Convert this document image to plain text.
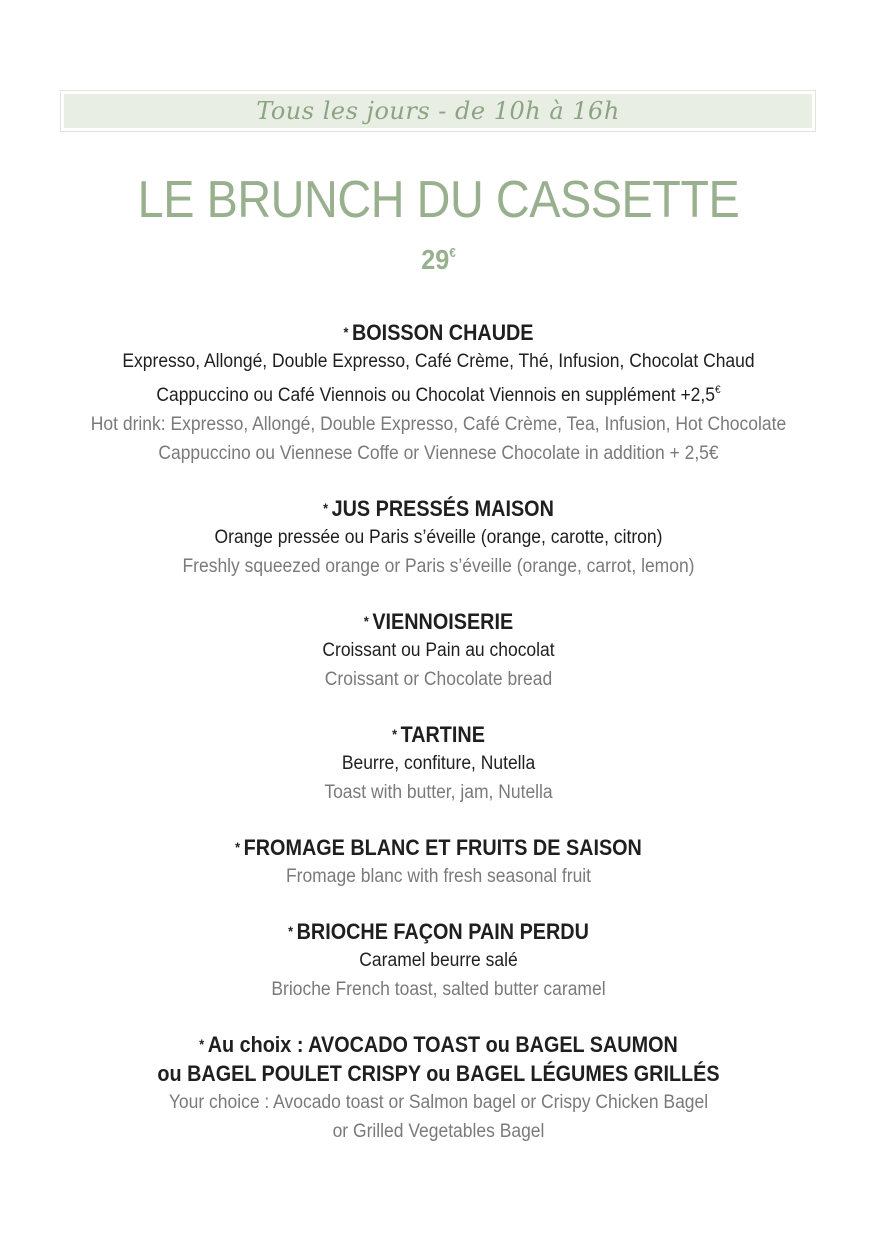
Tous les jours - de 10h à 16h
LE BRUNCH DU CASSETTE
29€
* BOISSON CHAUDE
Expresso, Allongé, Double Expresso, Café Crème, Thé, Infusion, Chocolat Chaud
Cappuccino ou Café Viennois ou Chocolat Viennois en supplément +2,5€
Hot drink: Expresso, Allongé, Double Expresso, Café Crème, Tea, Infusion, Hot Chocolate
Cappuccino ou Viennese Coffe or Viennese Chocolate in addition + 2,5€
* JUS PRESSÉS MAISON
Orange pressée ou Paris s’éveille (orange, carotte, citron)
Freshly squeezed orange or Paris s’éveille (orange, carrot, lemon)
* VIENNOISERIE
Croissant ou Pain au chocolat
Croissant or Chocolate bread
* TARTINE
Beurre, confiture, Nutella
Toast with butter, jam, Nutella
* FROMAGE BLANC ET FRUITS DE SAISON
Fromage blanc with fresh seasonal fruit
* BRIOCHE FAÇON PAIN PERDU
Caramel beurre salé
Brioche French toast, salted butter caramel
* Au choix : AVOCADO TOAST ou BAGEL SAUMON
ou BAGEL POULET CRISPY ou BAGEL LÉGUMES GRILLÉS
Your choice : Avocado toast or Salmon bagel or Crispy Chicken Bagel
or Grilled Vegetables Bagel
